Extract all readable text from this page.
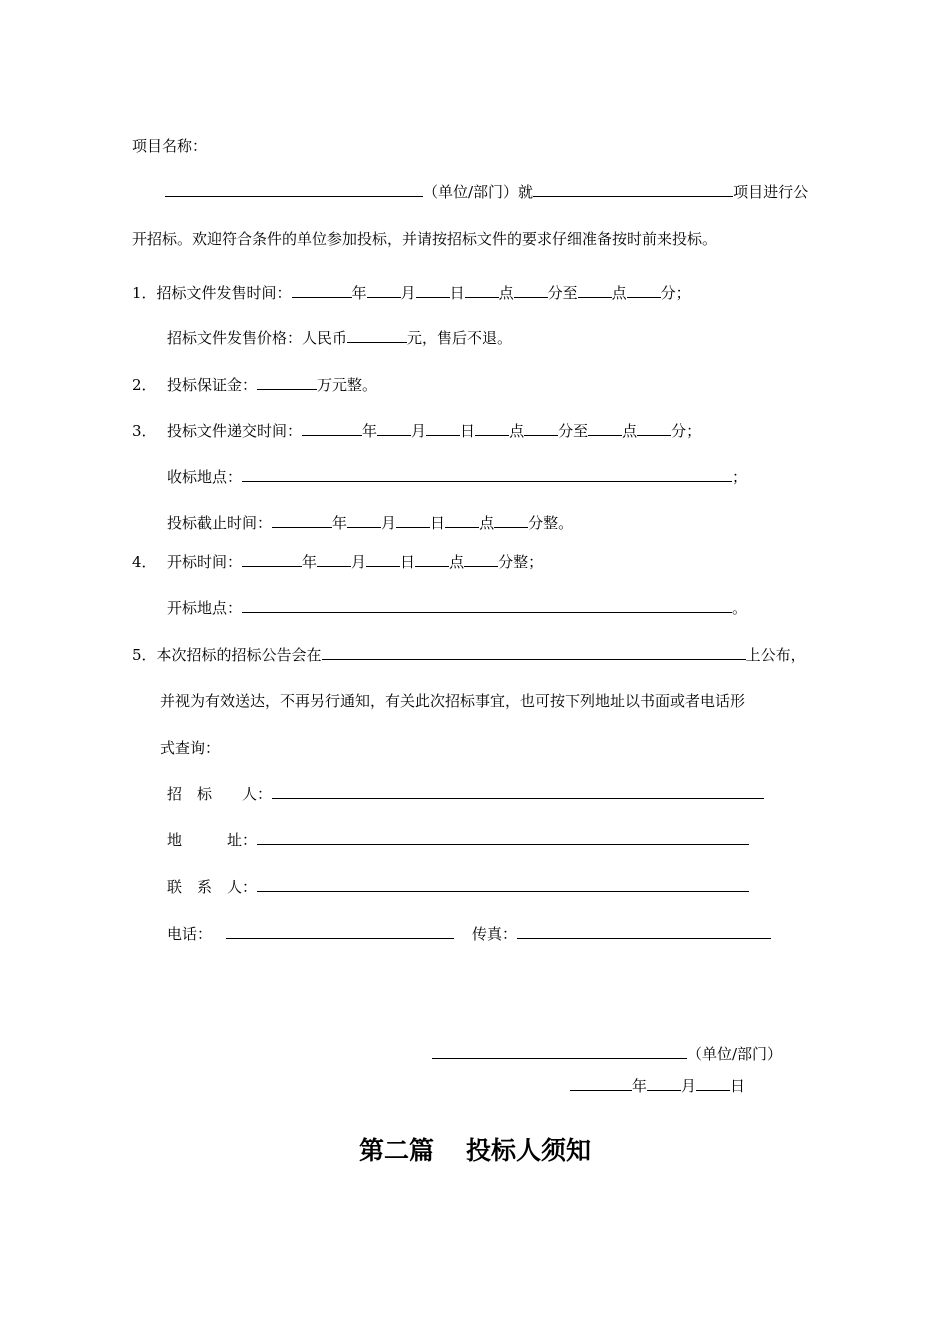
项目名称：
（单位/部门）就	项目进行公
开招标。欢迎符合条件的单位参加投标，并请按招标文件的要求仔细准备按时前来投标。
1．招标文件发售时间：	年 月 日 点 分至 点 分；
招标文件发售价格：人民币	元，售后不退。
2． 投标保证金：	万元整。
3． 投标文件递交时间：	年 月 日 点 分至 点 分；
收标地点：	；
投标截止时间：	年 月 日 点 分整。
4． 开标时间：	年 月 日 点 分整；
开标地点：	。
5．本次招标的招标公告会在	上公布，
并视为有效送达，不再另行通知，有关此次招标事宜，也可按下列地址以书面或者电话形
式查询：
招　标　　人：
地　　　址：
联　系　人：
电话：	传真：
（单位/部门）
年 月 日
第二篇 投标人须知
